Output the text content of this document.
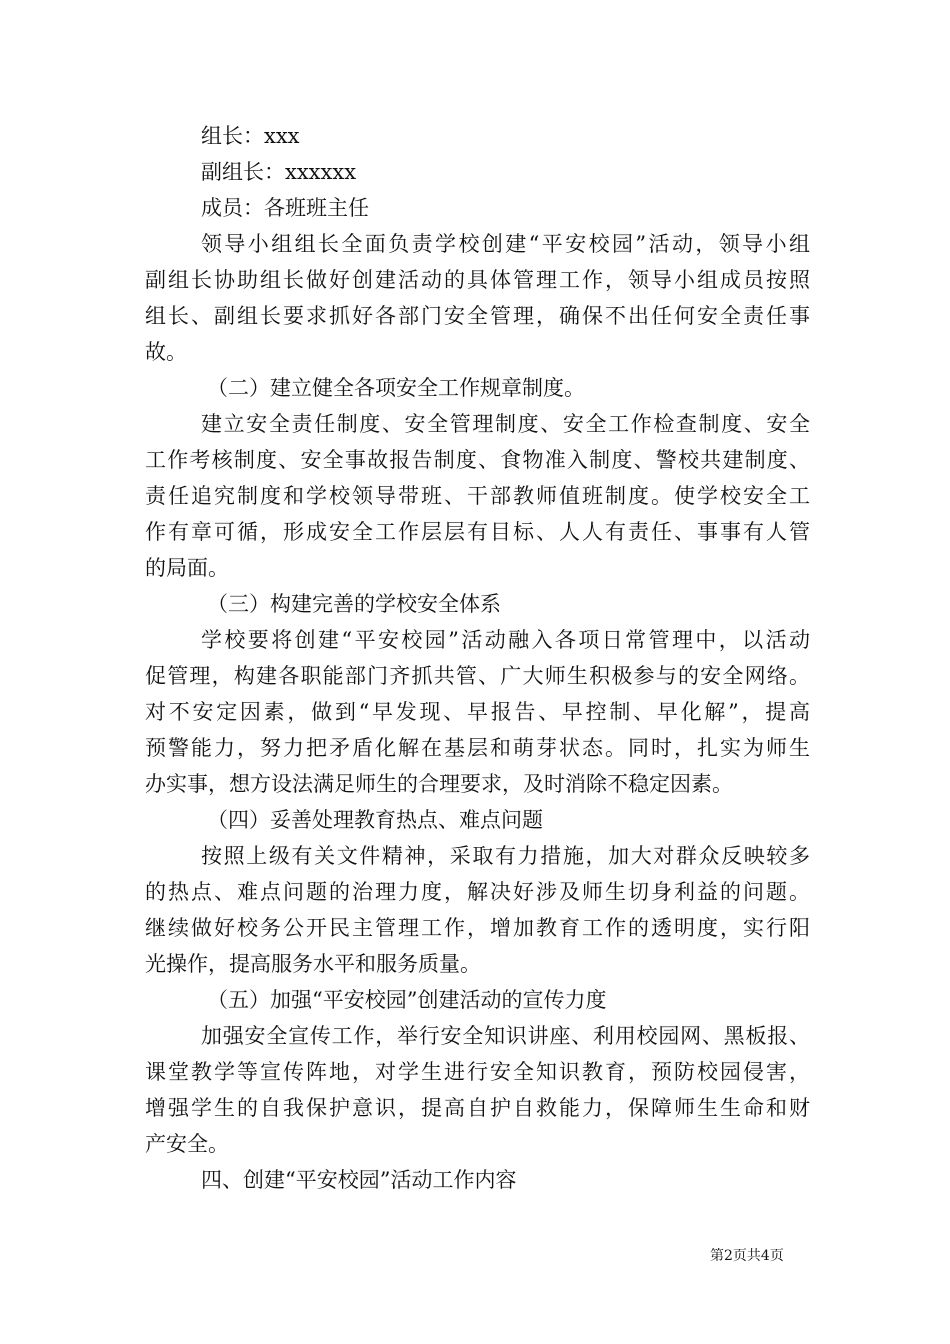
组长：xxx
副组长：xxxxxx
成员：各班班主任
领导小组组长全面负责学校创建“平安校园”活动，领导小组
副组长协助组长做好创建活动的具体管理工作，领导小组成员按照
组长、副组长要求抓好各部门安全管理，确保不出任何安全责任事
故。
（二）建立健全各项安全工作规章制度。
建立安全责任制度、安全管理制度、安全工作检查制度、安全
工作考核制度、安全事故报告制度、食物准入制度、警校共建制度、
责任追究制度和学校领导带班、干部教师值班制度。使学校安全工
作有章可循，形成安全工作层层有目标、人人有责任、事事有人管
的局面。
（三）构建完善的学校安全体系
学校要将创建“平安校园”活动融入各项日常管理中，以活动
促管理，构建各职能部门齐抓共管、广大师生积极参与的安全网络。
对不安定因素，做到“早发现、早报告、早控制、早化解”，提高
预警能力，努力把矛盾化解在基层和萌芽状态。同时，扎实为师生
办实事，想方设法满足师生的合理要求，及时消除不稳定因素。
（四）妥善处理教育热点、难点问题
按照上级有关文件精神，采取有力措施，加大对群众反映较多
的热点、难点问题的治理力度，解决好涉及师生切身利益的问题。
继续做好校务公开民主管理工作，增加教育工作的透明度，实行阳
光操作，提高服务水平和服务质量。
（五）加强“平安校园”创建活动的宣传力度
加强安全宣传工作，举行安全知识讲座、利用校园网、黑板报、
课堂教学等宣传阵地，对学生进行安全知识教育，预防校园侵害，
增强学生的自我保护意识，提高自护自救能力，保障师生生命和财
产安全。
四、创建“平安校园”活动工作内容
第2页共4页
